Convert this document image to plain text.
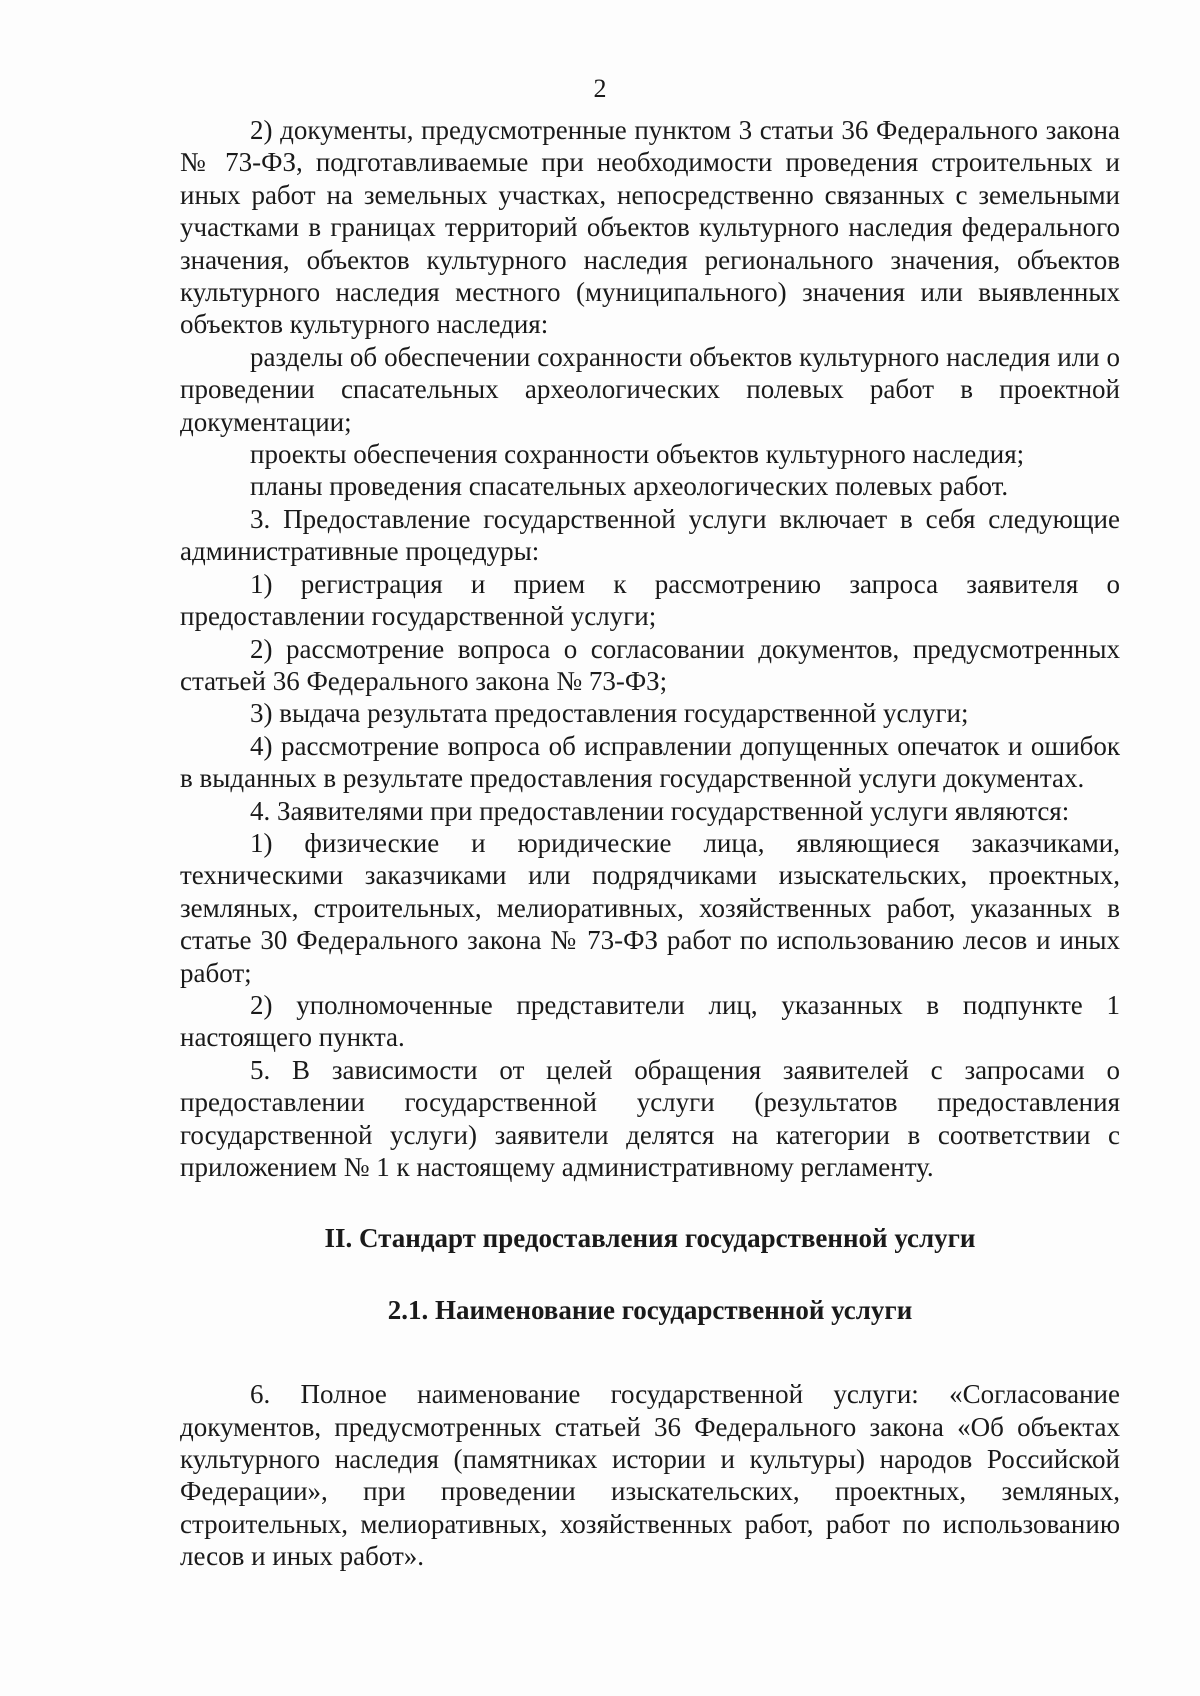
2

2) документы, предусмотренные пунктом 3 статьи 36 Федерального закона № 73-ФЗ, подготавливаемые при необходимости проведения строительных и иных работ на земельных участках, непосредственно связанных с земельными участками в границах территорий объектов культурного наследия федерального значения, объектов культурного наследия регионального значения, объектов культурного наследия местного (муниципального) значения или выявленных объектов культурного наследия:

разделы об обеспечении сохранности объектов культурного наследия или о проведении спасательных археологических полевых работ в проектной документации;

проекты обеспечения сохранности объектов культурного наследия;

планы проведения спасательных археологических полевых работ.

3. Предоставление государственной услуги включает в себя следующие административные процедуры:

1) регистрация и прием к рассмотрению запроса заявителя о предоставлении государственной услуги;

2) рассмотрение вопроса о согласовании документов, предусмотренных статьей 36 Федерального закона № 73-ФЗ;

3) выдача результата предоставления государственной услуги;

4) рассмотрение вопроса об исправлении допущенных опечаток и ошибок в выданных в результате предоставления государственной услуги документах.

4. Заявителями при предоставлении государственной услуги являются:

1) физические и юридические лица, являющиеся заказчиками, техническими заказчиками или подрядчиками изыскательских, проектных, земляных, строительных, мелиоративных, хозяйственных работ, указанных в статье 30 Федерального закона № 73-ФЗ работ по использованию лесов и иных работ;

2) уполномоченные представители лиц, указанных в подпункте 1 настоящего пункта.

5. В зависимости от целей обращения заявителей с запросами о предоставлении государственной услуги (результатов предоставления государственной услуги) заявители делятся на категории в соответствии с приложением № 1 к настоящему административному регламенту.

II. Стандарт предоставления государственной услуги

2.1. Наименование государственной услуги

6. Полное наименование государственной услуги: «Согласование документов, предусмотренных статьей 36 Федерального закона «Об объектах культурного наследия (памятниках истории и культуры) народов Российской Федерации», при проведении изыскательских, проектных, земляных, строительных, мелиоративных, хозяйственных работ, работ по использованию лесов и иных работ».
